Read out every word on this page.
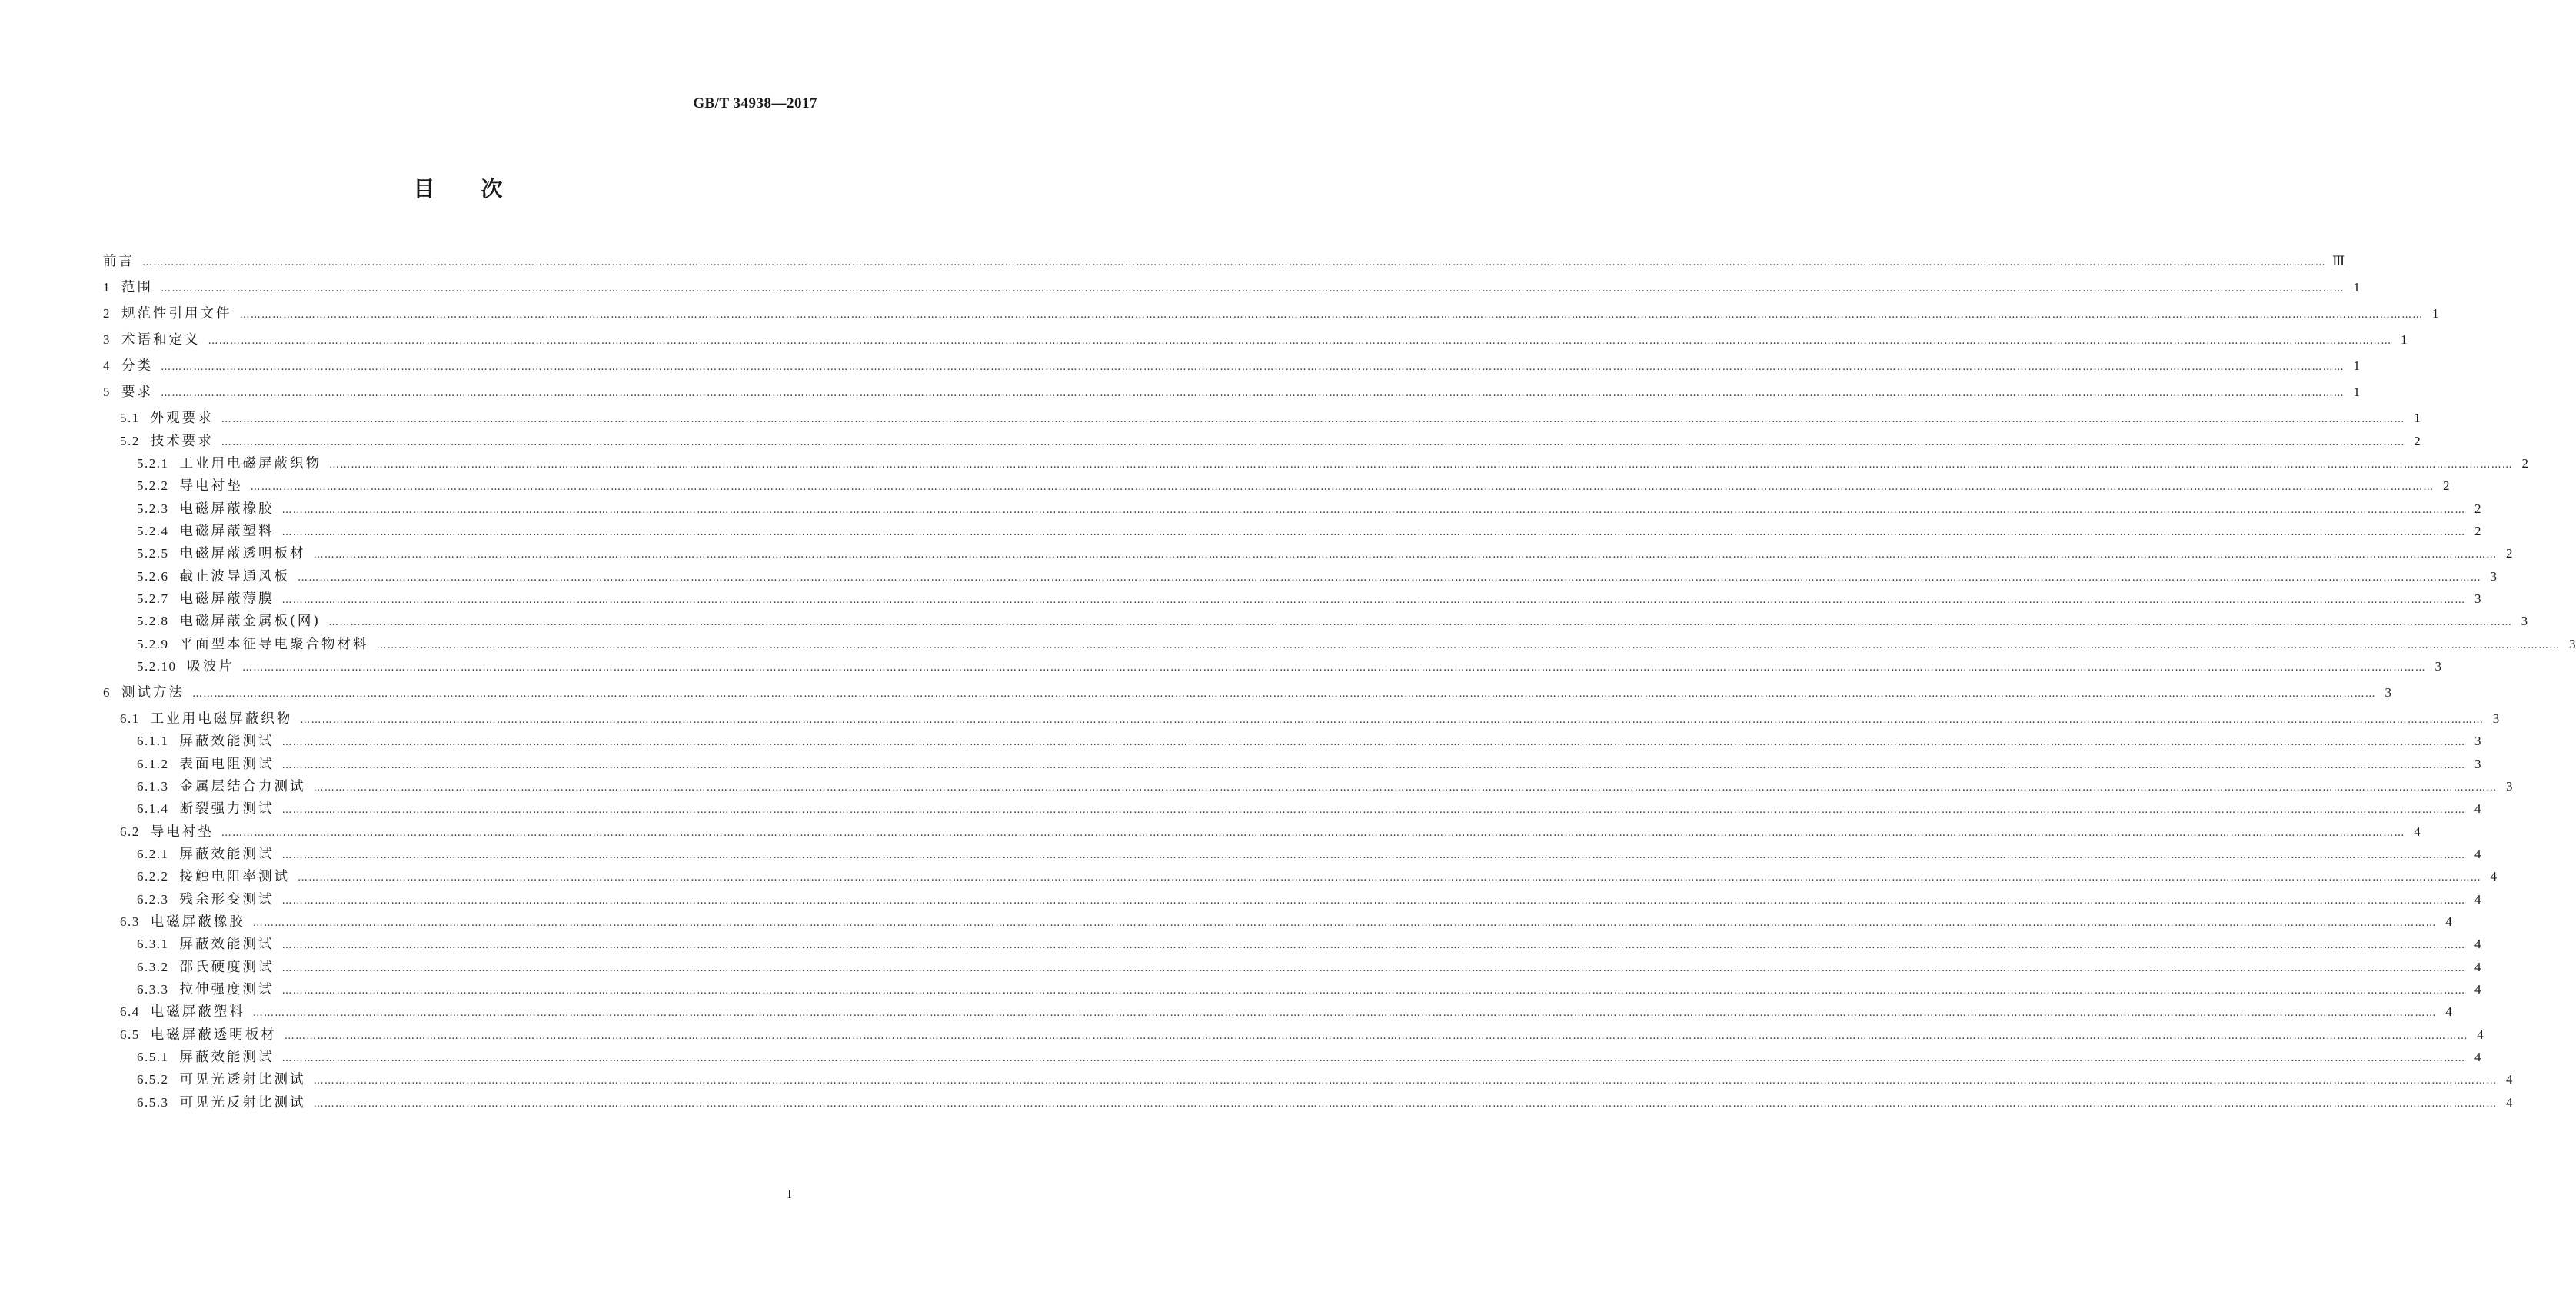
GB/T 34938—2017
目次
前言 …………………………………………………………………………………………………………………………………………………………………………………………………………………………………………………………………………………………………………………………………………………………………………………………………………………………………………………………………………………………………………………………………………………… Ⅲ
1 范围 …………………………………………………………………………………………………………………………………………………………………………………………………………………………………………………………………………………………………………………………………………………………………………………………………………………………………………………………………………………………………………………………………………………… 1
2 规范性引用文件 …………………………………………………………………………………………………………………………………………………………………………………………………………………………………………………………………………………………………………………………………………………………………………………………………………………………………………………………………………………………………………………………………………………… 1
3 术语和定义 …………………………………………………………………………………………………………………………………………………………………………………………………………………………………………………………………………………………………………………………………………………………………………………………………………………………………………………………………………………………………………………………………………………… 1
4 分类 …………………………………………………………………………………………………………………………………………………………………………………………………………………………………………………………………………………………………………………………………………………………………………………………………………………………………………………………………………………………………………………………………………………… 1
5 要求 …………………………………………………………………………………………………………………………………………………………………………………………………………………………………………………………………………………………………………………………………………………………………………………………………………………………………………………………………………………………………………………………………………………… 1
5.1 外观要求 …………………………………………………………………………………………………………………………………………………………………………………………………………………………………………………………………………………………………………………………………………………………………………………………………………………………………………………………………………………………………………………………………………………… 1
5.2 技术要求 …………………………………………………………………………………………………………………………………………………………………………………………………………………………………………………………………………………………………………………………………………………………………………………………………………………………………………………………………………………………………………………………………………………… 2
5.2.1 工业用电磁屏蔽织物 …………………………………………………………………………………………………………………………………………………………………………………………………………………………………………………………………………………………………………………………………………………………………………………………………………………………………………………………………………………………………………………………………………………… 2
5.2.2 导电衬垫 …………………………………………………………………………………………………………………………………………………………………………………………………………………………………………………………………………………………………………………………………………………………………………………………………………………………………………………………………………………………………………………………………………………… 2
5.2.3 电磁屏蔽橡胶 …………………………………………………………………………………………………………………………………………………………………………………………………………………………………………………………………………………………………………………………………………………………………………………………………………………………………………………………………………………………………………………………………………………… 2
5.2.4 电磁屏蔽塑料 …………………………………………………………………………………………………………………………………………………………………………………………………………………………………………………………………………………………………………………………………………………………………………………………………………………………………………………………………………………………………………………………………………………… 2
5.2.5 电磁屏蔽透明板材 …………………………………………………………………………………………………………………………………………………………………………………………………………………………………………………………………………………………………………………………………………………………………………………………………………………………………………………………………………………………………………………………………………………… 2
5.2.6 截止波导通风板 …………………………………………………………………………………………………………………………………………………………………………………………………………………………………………………………………………………………………………………………………………………………………………………………………………………………………………………………………………………………………………………………………………………… 3
5.2.7 电磁屏蔽薄膜 …………………………………………………………………………………………………………………………………………………………………………………………………………………………………………………………………………………………………………………………………………………………………………………………………………………………………………………………………………………………………………………………………………………… 3
5.2.8 电磁屏蔽金属板(网) …………………………………………………………………………………………………………………………………………………………………………………………………………………………………………………………………………………………………………………………………………………………………………………………………………………………………………………………………………………………………………………………………………………… 3
5.2.9 平面型本征导电聚合物材料 …………………………………………………………………………………………………………………………………………………………………………………………………………………………………………………………………………………………………………………………………………………………………………………………………………………………………………………………………………………………………………………………………………………… 3
5.2.10 吸波片 …………………………………………………………………………………………………………………………………………………………………………………………………………………………………………………………………………………………………………………………………………………………………………………………………………………………………………………………………………………………………………………………………………………… 3
6 测试方法 …………………………………………………………………………………………………………………………………………………………………………………………………………………………………………………………………………………………………………………………………………………………………………………………………………………………………………………………………………………………………………………………………………………… 3
6.1 工业用电磁屏蔽织物 …………………………………………………………………………………………………………………………………………………………………………………………………………………………………………………………………………………………………………………………………………………………………………………………………………………………………………………………………………………………………………………………………………………… 3
6.1.1 屏蔽效能测试 …………………………………………………………………………………………………………………………………………………………………………………………………………………………………………………………………………………………………………………………………………………………………………………………………………………………………………………………………………………………………………………………………………………… 3
6.1.2 表面电阻测试 …………………………………………………………………………………………………………………………………………………………………………………………………………………………………………………………………………………………………………………………………………………………………………………………………………………………………………………………………………………………………………………………………………………… 3
6.1.3 金属层结合力测试 …………………………………………………………………………………………………………………………………………………………………………………………………………………………………………………………………………………………………………………………………………………………………………………………………………………………………………………………………………………………………………………………………………………… 3
6.1.4 断裂强力测试 …………………………………………………………………………………………………………………………………………………………………………………………………………………………………………………………………………………………………………………………………………………………………………………………………………………………………………………………………………………………………………………………………………………… 4
6.2 导电衬垫 …………………………………………………………………………………………………………………………………………………………………………………………………………………………………………………………………………………………………………………………………………………………………………………………………………………………………………………………………………………………………………………………………………………… 4
6.2.1 屏蔽效能测试 …………………………………………………………………………………………………………………………………………………………………………………………………………………………………………………………………………………………………………………………………………………………………………………………………………………………………………………………………………………………………………………………………………………… 4
6.2.2 接触电阻率测试 …………………………………………………………………………………………………………………………………………………………………………………………………………………………………………………………………………………………………………………………………………………………………………………………………………………………………………………………………………………………………………………………………………………… 4
6.2.3 残余形变测试 …………………………………………………………………………………………………………………………………………………………………………………………………………………………………………………………………………………………………………………………………………………………………………………………………………………………………………………………………………………………………………………………………………………… 4
6.3 电磁屏蔽橡胶 …………………………………………………………………………………………………………………………………………………………………………………………………………………………………………………………………………………………………………………………………………………………………………………………………………………………………………………………………………………………………………………………………………………… 4
6.3.1 屏蔽效能测试 …………………………………………………………………………………………………………………………………………………………………………………………………………………………………………………………………………………………………………………………………………………………………………………………………………………………………………………………………………………………………………………………………………………… 4
6.3.2 邵氏硬度测试 …………………………………………………………………………………………………………………………………………………………………………………………………………………………………………………………………………………………………………………………………………………………………………………………………………………………………………………………………………………………………………………………………………………… 4
6.3.3 拉伸强度测试 …………………………………………………………………………………………………………………………………………………………………………………………………………………………………………………………………………………………………………………………………………………………………………………………………………………………………………………………………………………………………………………………………………………… 4
6.4 电磁屏蔽塑料 …………………………………………………………………………………………………………………………………………………………………………………………………………………………………………………………………………………………………………………………………………………………………………………………………………………………………………………………………………………………………………………………………………………… 4
6.5 电磁屏蔽透明板材 …………………………………………………………………………………………………………………………………………………………………………………………………………………………………………………………………………………………………………………………………………………………………………………………………………………………………………………………………………………………………………………………………………………… 4
6.5.1 屏蔽效能测试 …………………………………………………………………………………………………………………………………………………………………………………………………………………………………………………………………………………………………………………………………………………………………………………………………………………………………………………………………………………………………………………………………………………… 4
6.5.2 可见光透射比测试 …………………………………………………………………………………………………………………………………………………………………………………………………………………………………………………………………………………………………………………………………………………………………………………………………………………………………………………………………………………………………………………………………………………… 4
6.5.3 可见光反射比测试 …………………………………………………………………………………………………………………………………………………………………………………………………………………………………………………………………………………………………………………………………………………………………………………………………………………………………………………………………………………………………………………………………………………… 4
I
